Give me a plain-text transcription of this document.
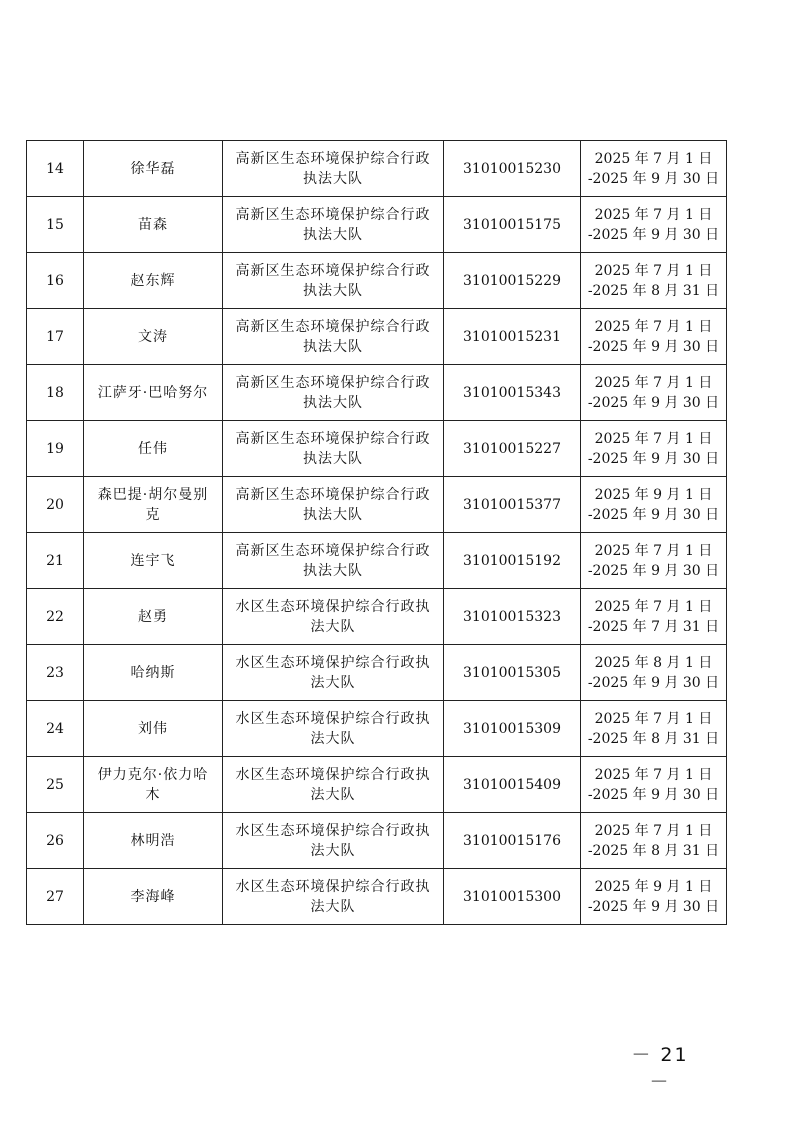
14	徐华磊	高新区生态环境保护综合行政执法大队	31010015230	2025 年 7 月 1 日
-2025 年 9 月 30 日

15	苗森	高新区生态环境保护综合行政执法大队	31010015175	2025 年 7 月 1 日
-2025 年 9 月 30 日

16	赵东辉	高新区生态环境保护综合行政执法大队	31010015229	2025 年 7 月 1 日
-2025 年 8 月 31 日

17	文涛	高新区生态环境保护综合行政执法大队	31010015231	2025 年 7 月 1 日
-2025 年 9 月 30 日

18	江萨牙·巴哈努尔	高新区生态环境保护综合行政执法大队	31010015343	2025 年 7 月 1 日
-2025 年 9 月 30 日

19	任伟	高新区生态环境保护综合行政执法大队	31010015227	2025 年 7 月 1 日
-2025 年 9 月 30 日

20	森巴提·胡尔曼别克	高新区生态环境保护综合行政执法大队	31010015377	2025 年 9 月 1 日
-2025 年 9 月 30 日

21	连宇飞	高新区生态环境保护综合行政执法大队	31010015192	2025 年 7 月 1 日
-2025 年 9 月 30 日

22	赵勇	水区生态环境保护综合行政执法大队	31010015323	2025 年 7 月 1 日
-2025 年 7 月 31 日

23	哈纳斯	水区生态环境保护综合行政执法大队	31010015305	2025 年 8 月 1 日
-2025 年 9 月 30 日

24	刘伟	水区生态环境保护综合行政执法大队	31010015309	2025 年 7 月 1 日
-2025 年 8 月 31 日

25	伊力克尔·依力哈木	水区生态环境保护综合行政执法大队	31010015409	2025 年 7 月 1 日
-2025 年 9 月 30 日

26	林明浩	水区生态环境保护综合行政执法大队	31010015176	2025 年 7 月 1 日
-2025 年 8 月 31 日

27	李海峰	水区生态环境保护综合行政执法大队	31010015300	2025 年 9 月 1 日
-2025 年 9 月 30 日
－ 21 －
